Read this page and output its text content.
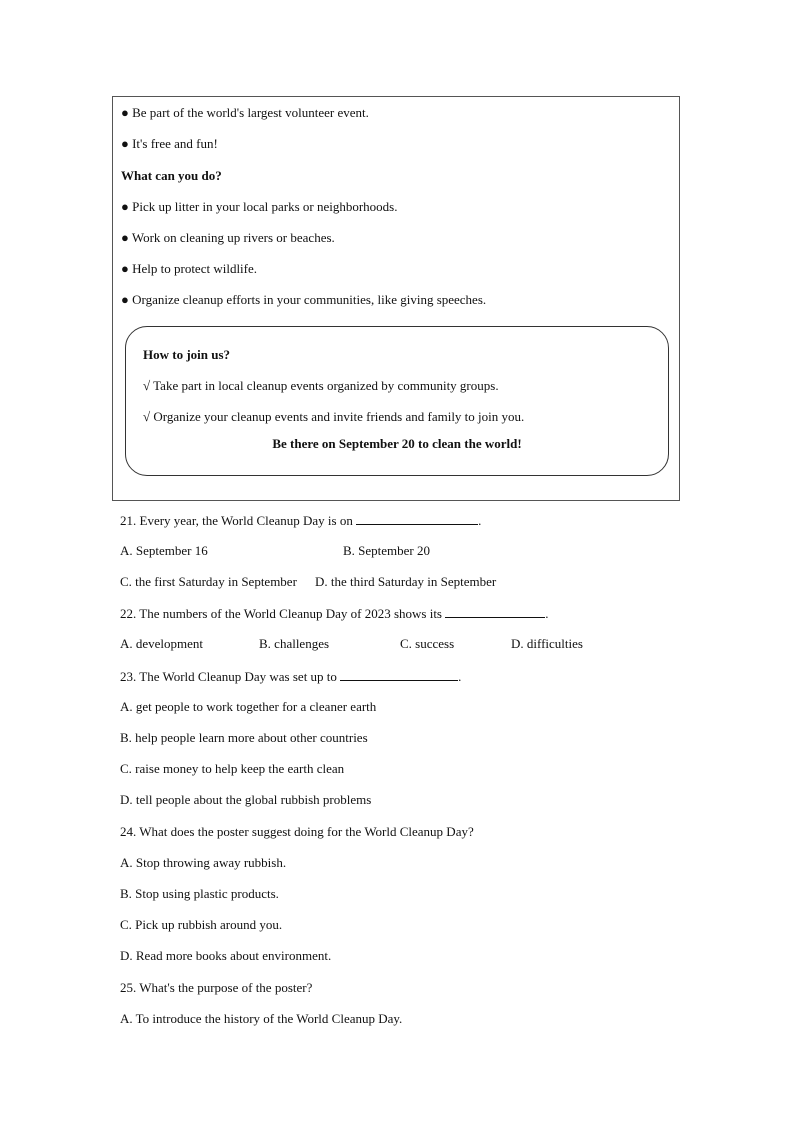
● Be part of the world's largest volunteer event.
● It's free and fun!
What can you do?
● Pick up litter in your local parks or neighborhoods.
● Work on cleaning up rivers or beaches.
● Help to protect wildlife.
● Organize cleanup efforts in your communities, like giving speeches.
How to join us?
√ Take part in local cleanup events organized by community groups.
√ Organize your cleanup events and invite friends and family to join you.
Be there on September 20 to clean the world!
21. Every year, the World Cleanup Day is on	.
A. September 16	B. September 20
C. the first Saturday in September D. the third Saturday in September
22. The numbers of the World Cleanup Day of 2023 shows its	.
A. development	B. challenges	C. success	D. difficulties
23. The World Cleanup Day was set up to	.
A. get people to work together for a cleaner earth
B. help people learn more about other countries
C. raise money to help keep the earth clean
D. tell people about the global rubbish problems
24. What does the poster suggest doing for the World Cleanup Day?
A. Stop throwing away rubbish.
B. Stop using plastic products.
C. Pick up rubbish around you.
D. Read more books about environment.
25. What's the purpose of the poster?
A. To introduce the history of the World Cleanup Day.
